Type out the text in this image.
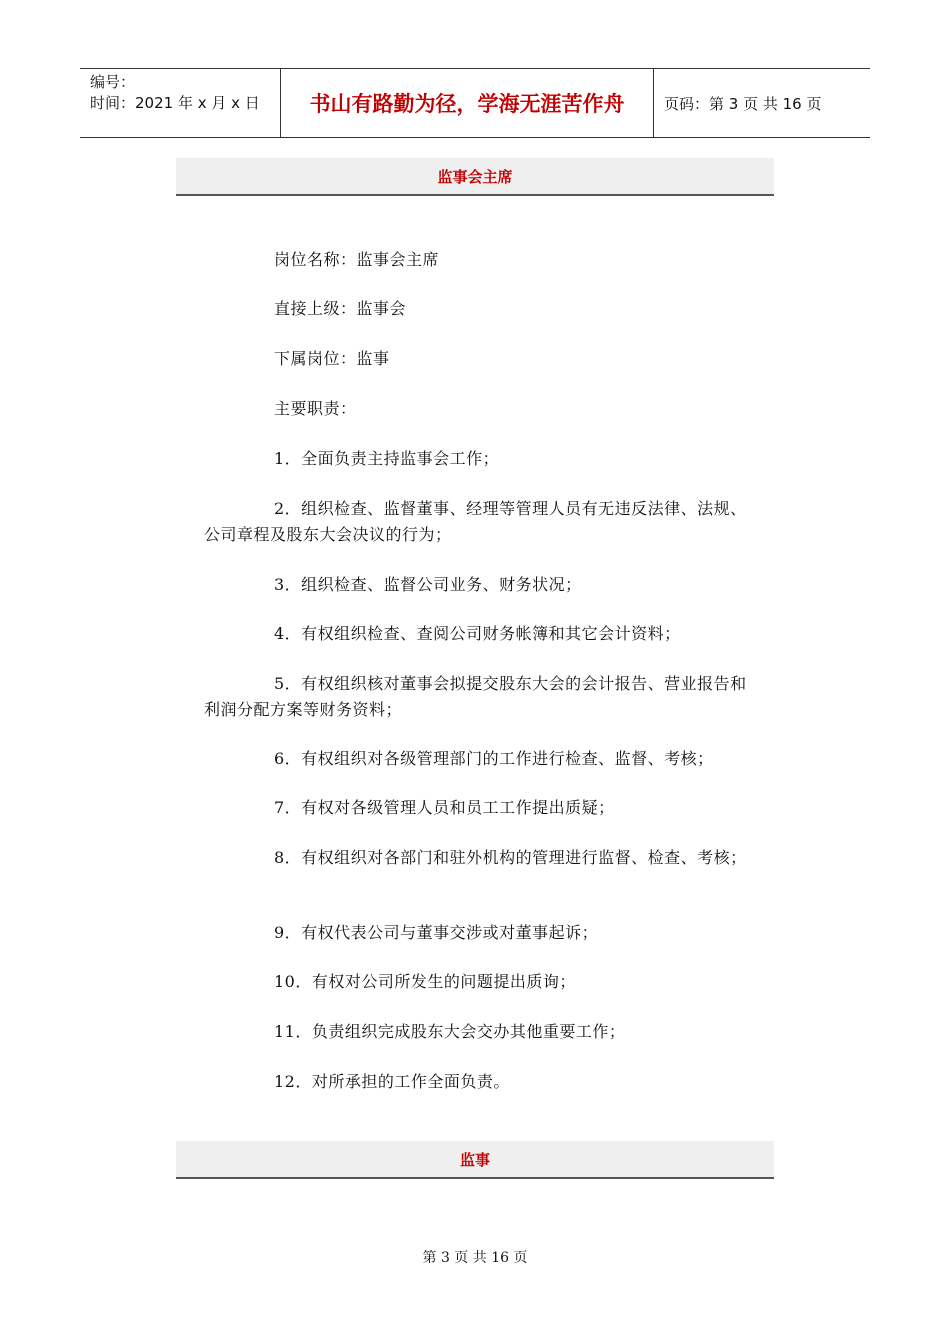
编号：
时间：2021 年 x 月 x 日	书山有路勤为径，学海无涯苦作舟	页码：第 3 页 共 16 页
监事会主席

岗位名称：监事会主席

直接上级：监事会

下属岗位：监事

主要职责：

1．全面负责主持监事会工作；

2．组织检查、监督董事、经理等管理人员有无违反法律、法规、公司章程及股东大会决议的行为；

3．组织检查、监督公司业务、财务状况；

4．有权组织检查、查阅公司财务帐簿和其它会计资料；

5．有权组织核对董事会拟提交股东大会的会计报告、营业报告和利润分配方案等财务资料；

6．有权组织对各级管理部门的工作进行检查、监督、考核；

7．有权对各级管理人员和员工工作提出质疑；

8．有权组织对各部门和驻外机构的管理进行监督、检查、考核；

9．有权代表公司与董事交涉或对董事起诉；

10．有权对公司所发生的问题提出质询；

11．负责组织完成股东大会交办其他重要工作；

12．对所承担的工作全面负责。

监事
第 3 页 共 16 页
